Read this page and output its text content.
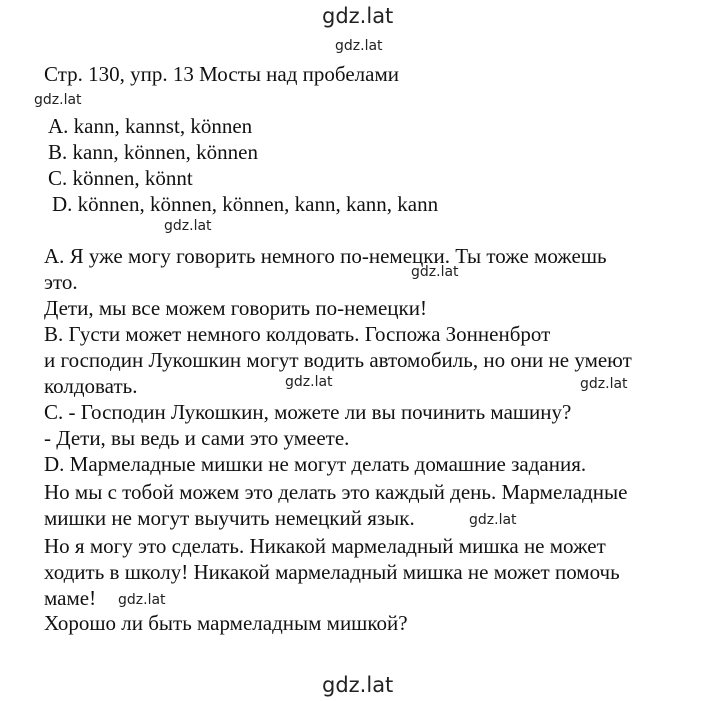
gdz.lat
gdz.lat
gdz.lat
gdz.lat
gdz.lat
gdz.lat	gdz.lat
gdz.lat
gdz.lat
gdz.lat
Стр. 130, упр. 13 Мосты над пробелами
A. kann, kannst, können
B. kann, können, können
C. können, könnt
D. können, können, können, kann, kann, kann
А. Я уже могу говорить немного по-немецки. Ты тоже можешь
это.
Дети, мы все можем говорить по-немецки!
В. Густи может немного колдовать. Госпожа Зонненброт
и господин Лукошкин могут водить автомобиль, но они не умеют
колдовать.
С. - Господин Лукошкин, можете ли вы починить машину?
- Дети, вы ведь и сами это умеете.
D. Мармеладные мишки не могут делать домашние задания.
Но мы с тобой можем это делать это каждый день. Мармеладные
мишки не могут выучить немецкий язык.
Но я могу это сделать. Никакой мармеладный мишка не может
ходить в школу! Никакой мармеладный мишка не может помочь
маме!
Хорошо ли быть мармеладным мишкой?
